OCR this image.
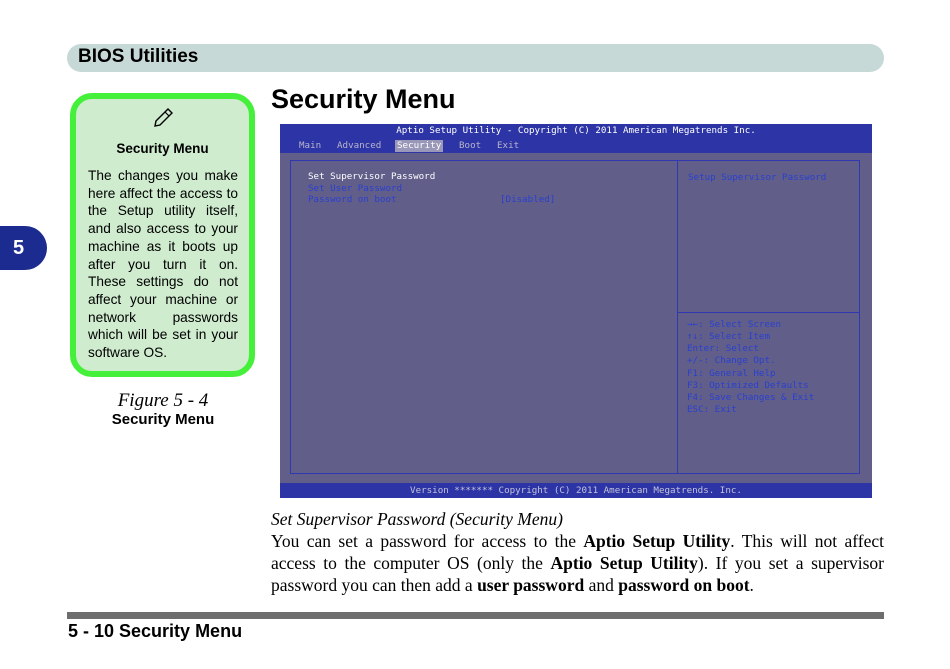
BIOS Utilities
5
Security Menu
The changes you make here affect the access to the Setup utility itself, and also access to your machine as it boots up after you turn it on. These settings do not affect your machine or network passwords which will be set in your software OS.
Figure 5 - 4
Security Menu
Security Menu
Aptio Setup Utility - Copyright (C) 2011 American Megatrends Inc.
Main Advanced Security Boot Exit
Set Supervisor Password
Set User Password
Password on boot	[Disabled]
Setup Supervisor Password
→←: Select Screen
↑↓: Select Item
Enter: Select
+/-: Change Opt.
F1: General Help
F3: Optimized Defaults
F4: Save Changes & Exit
ESC: Exit
Version ******* Copyright (C) 2011 American Megatrends. Inc.
Set Supervisor Password (Security Menu)
You can set a password for access to the Aptio Setup Utility. This will not affect access to the computer OS (only the Aptio Setup Utility). If you set a supervisor password you can then add a user password and password on boot.
5 - 10 Security Menu
